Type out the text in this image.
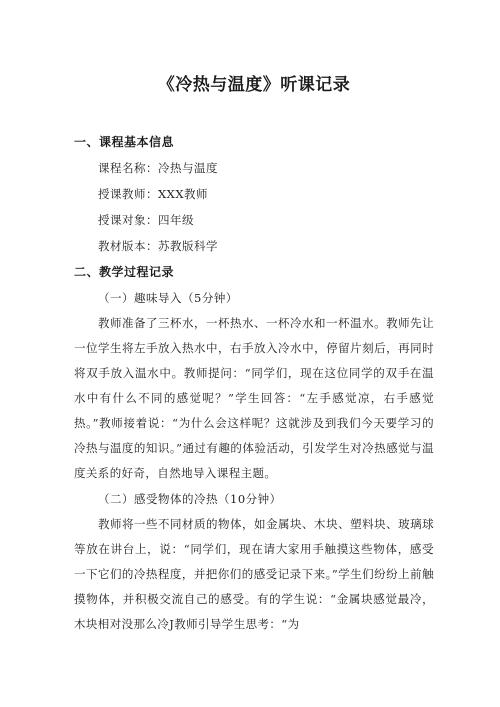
《冷热与温度》听课记录

一、课程基本信息

课程名称：冷热与温度

授课教师：XXX教师

授课对象：四年级

教材版本：苏教版科学

二、教学过程记录

（一）趣味导入（5分钟）

教师准备了三杯水，一杯热水、一杯冷水和一杯温水。教师先让一位学生将左手放入热水中，右手放入冷水中，停留片刻后，再同时将双手放入温水中。教师提问：“同学们，现在这位同学的双手在温水中有什么不同的感觉呢？”学生回答：“左手感觉凉，右手感觉热。”教师接着说：“为什么会这样呢？这就涉及到我们今天要学习的冷热与温度的知识。”通过有趣的体验活动，引发学生对冷热感觉与温度关系的好奇，自然地导入课程主题。

（二）感受物体的冷热（10分钟）

教师将一些不同材质的物体，如金属块、木块、塑料块、玻璃球等放在讲台上，说：“同学们，现在请大家用手触摸这些物体，感受一下它们的冷热程度，并把你们的感受记录下来。”学生们纷纷上前触摸物体，并积极交流自己的感受。有的学生说：“金属块感觉最冷，木块相对没那么冷J教师引导学生思考：“为
